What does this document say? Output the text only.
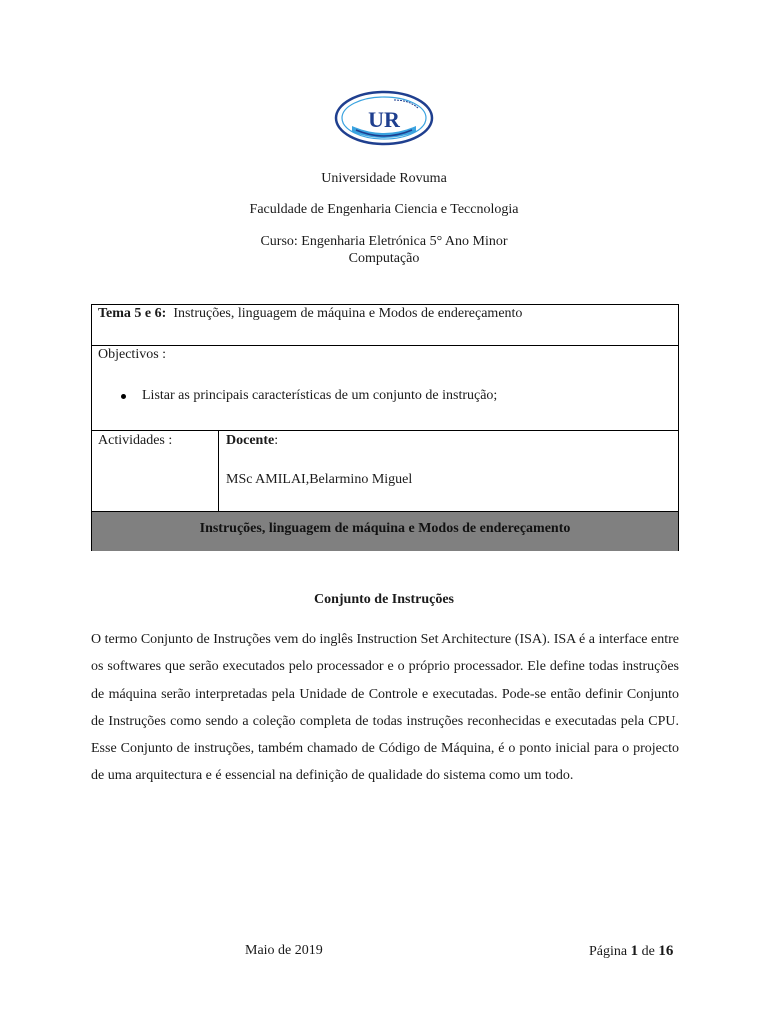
UR
Universidade Rovuma
Faculdade de Engenharia Ciencia e Teccnologia
Curso: Engenharia Eletrónica 5° Ano Minor
Computação
Tema 5 e 6: Instruções, linguagem de máquina e Modos de endereçamento
Objectivos :
Listar as principais características de um conjunto de instrução;
Actividades :	Docente:
MSc AMILAI,Belarmino Miguel
Instruções, linguagem de máquina e Modos de endereçamento
Conjunto de Instruções
O termo Conjunto de Instruções vem do inglês Instruction Set Architecture (ISA). ISA é a interface entre os softwares que serão executados pelo processador e o próprio processador. Ele define todas instruções de máquina serão interpretadas pela Unidade de Controle e executadas. Pode-se então definir Conjunto de Instruções como sendo a coleção completa de todas instruções reconhecidas e executadas pela CPU. Esse Conjunto de instruções, também chamado de Código de Máquina, é o ponto inicial para o projecto de uma arquitectura e é essencial na definição de qualidade do sistema como um todo.
Maio de 2019	Página 1 de 16
